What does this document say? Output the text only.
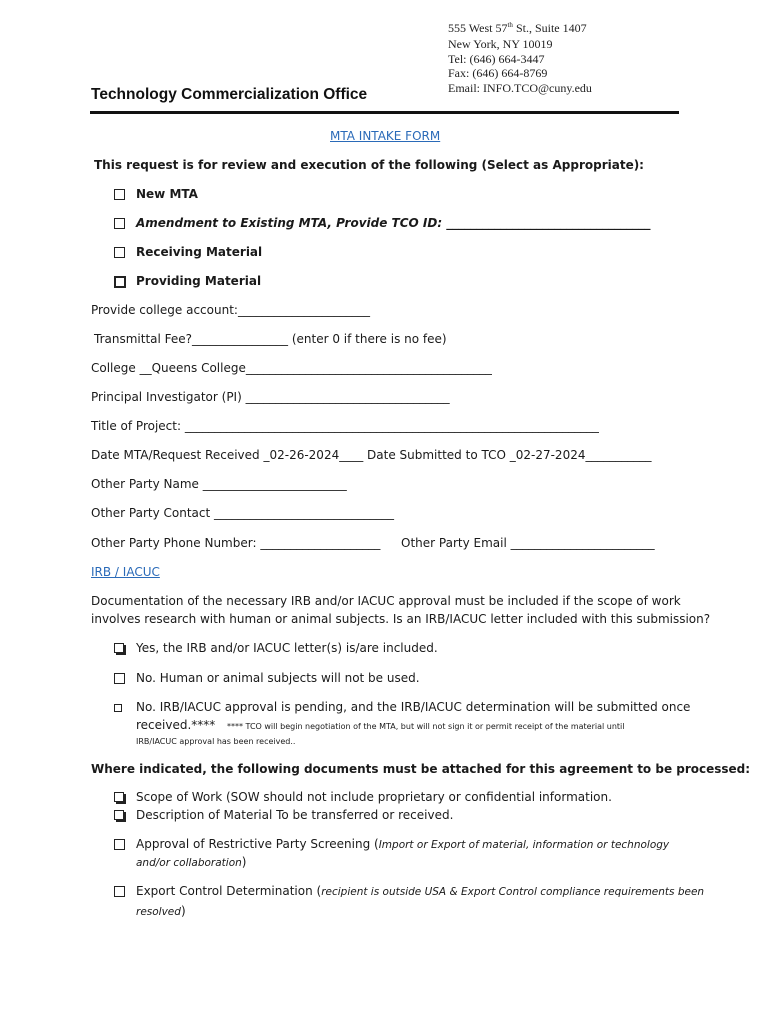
555 West 57th St., Suite 1407
New York, NY 10019
Tel: (646) 664-3447
Fax: (646) 664-8769
Email: INFO.TCO@cuny.edu
Technology Commercialization Office
MTA INTAKE FORM
This request is for review and execution of the following (Select as Appropriate):
New MTA
Amendment to Existing MTA, Provide TCO ID: __________________________________
Receiving Material
Providing Material
Provide college account:______________________
Transmittal Fee?________________ (enter 0 if there is no fee)
College __Queens College_________________________________________
Principal Investigator (PI) __________________________________
Title of Project: _____________________________________________________________________
Date MTA/Request Received _02-26-2024____ Date Submitted to TCO _02-27-2024___________
Other Party Name ________________________
Other Party Contact ______________________________
Other Party Phone Number: ____________________ Other Party Email ________________________
IRB / IACUC
Documentation of the necessary IRB and/or IACUC approval must be included if the scope of work
involves research with human or animal subjects. Is an IRB/IACUC letter included with this submission?
Yes, the IRB and/or IACUC letter(s) is/are included.
No. Human or animal subjects will not be used.
No. IRB/IACUC approval is pending, and the IRB/IACUC determination will be submitted once
received.**** **** TCO will begin negotiation of the MTA, but will not sign it or permit receipt of the material until
IRB/IACUC approval has been received..
Where indicated, the following documents must be attached for this agreement to be processed:
Scope of Work (SOW should not include proprietary or confidential information.
Description of Material To be transferred or received.
Approval of Restrictive Party Screening (Import or Export of material, information or technology
and/or collaboration)
Export Control Determination (recipient is outside USA & Export Control compliance requirements been
resolved)
